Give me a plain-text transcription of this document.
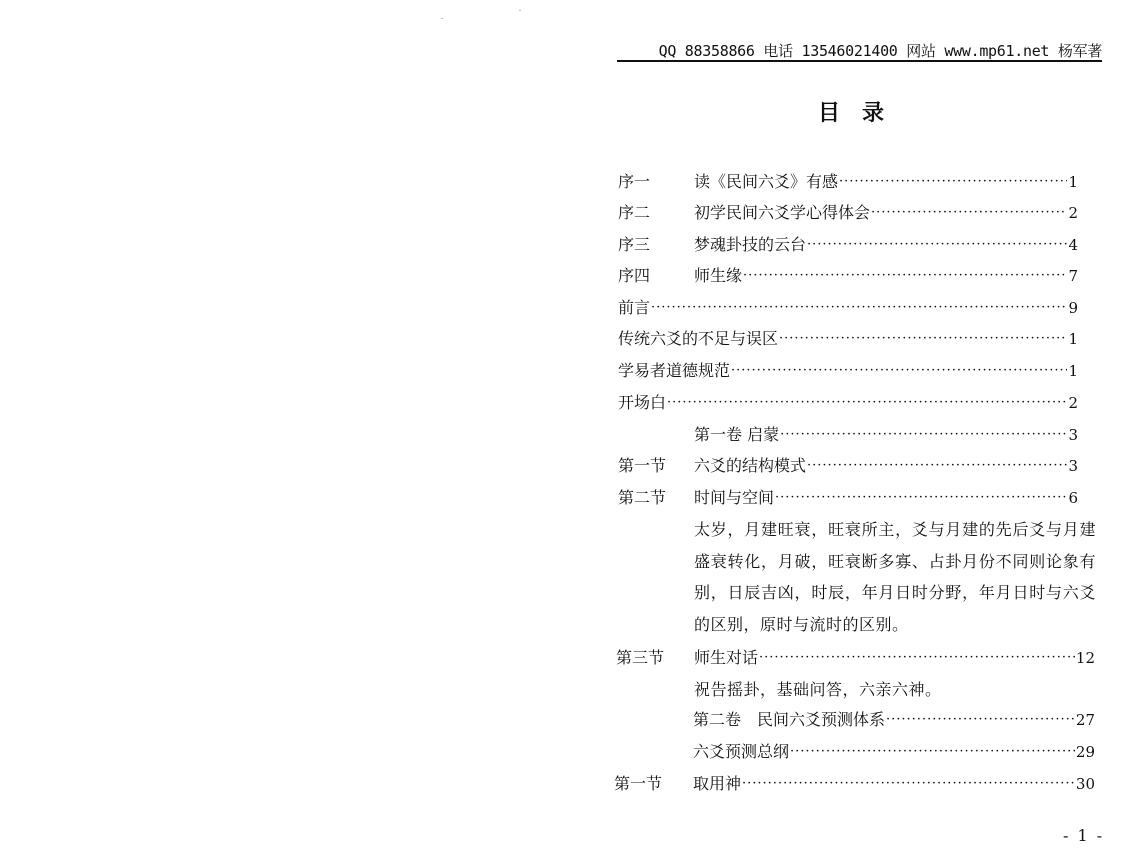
QQ 88358866 电话 13546021400 网站 www.mp61.net 杨军著
目录
序一	读《民间六爻》有感 ·····	1
序二	初学民间六爻学心得体会 ·····	2
序三	梦魂卦技的云台 ·····	4
序四	师生缘 ·····	7
前言 ·····	9
传统六爻的不足与误区 ·····	1
学易者道德规范 ·····	1
开场白 ·····	2
第一卷 启蒙 ·····	3
第一节	六爻的结构模式 ·····	3
第二节	时间与空间 ·····	6
太岁，月建旺衰，旺衰所主，爻与月建的先后爻与月建盛衰转化，月破，旺衰断多寡、占卦月份不同则论象有别，日辰吉凶，时辰，年月日时分野，年月日时与六爻的区别，原时与流时的区别。
第三节	师生对话 ·····	12
祝告摇卦，基础问答，六亲六神。
第二卷　民间六爻预测体系 ·····	27
六爻预测总纲 ·····	29
第一节	取用神 ·····	30
- 1 -
